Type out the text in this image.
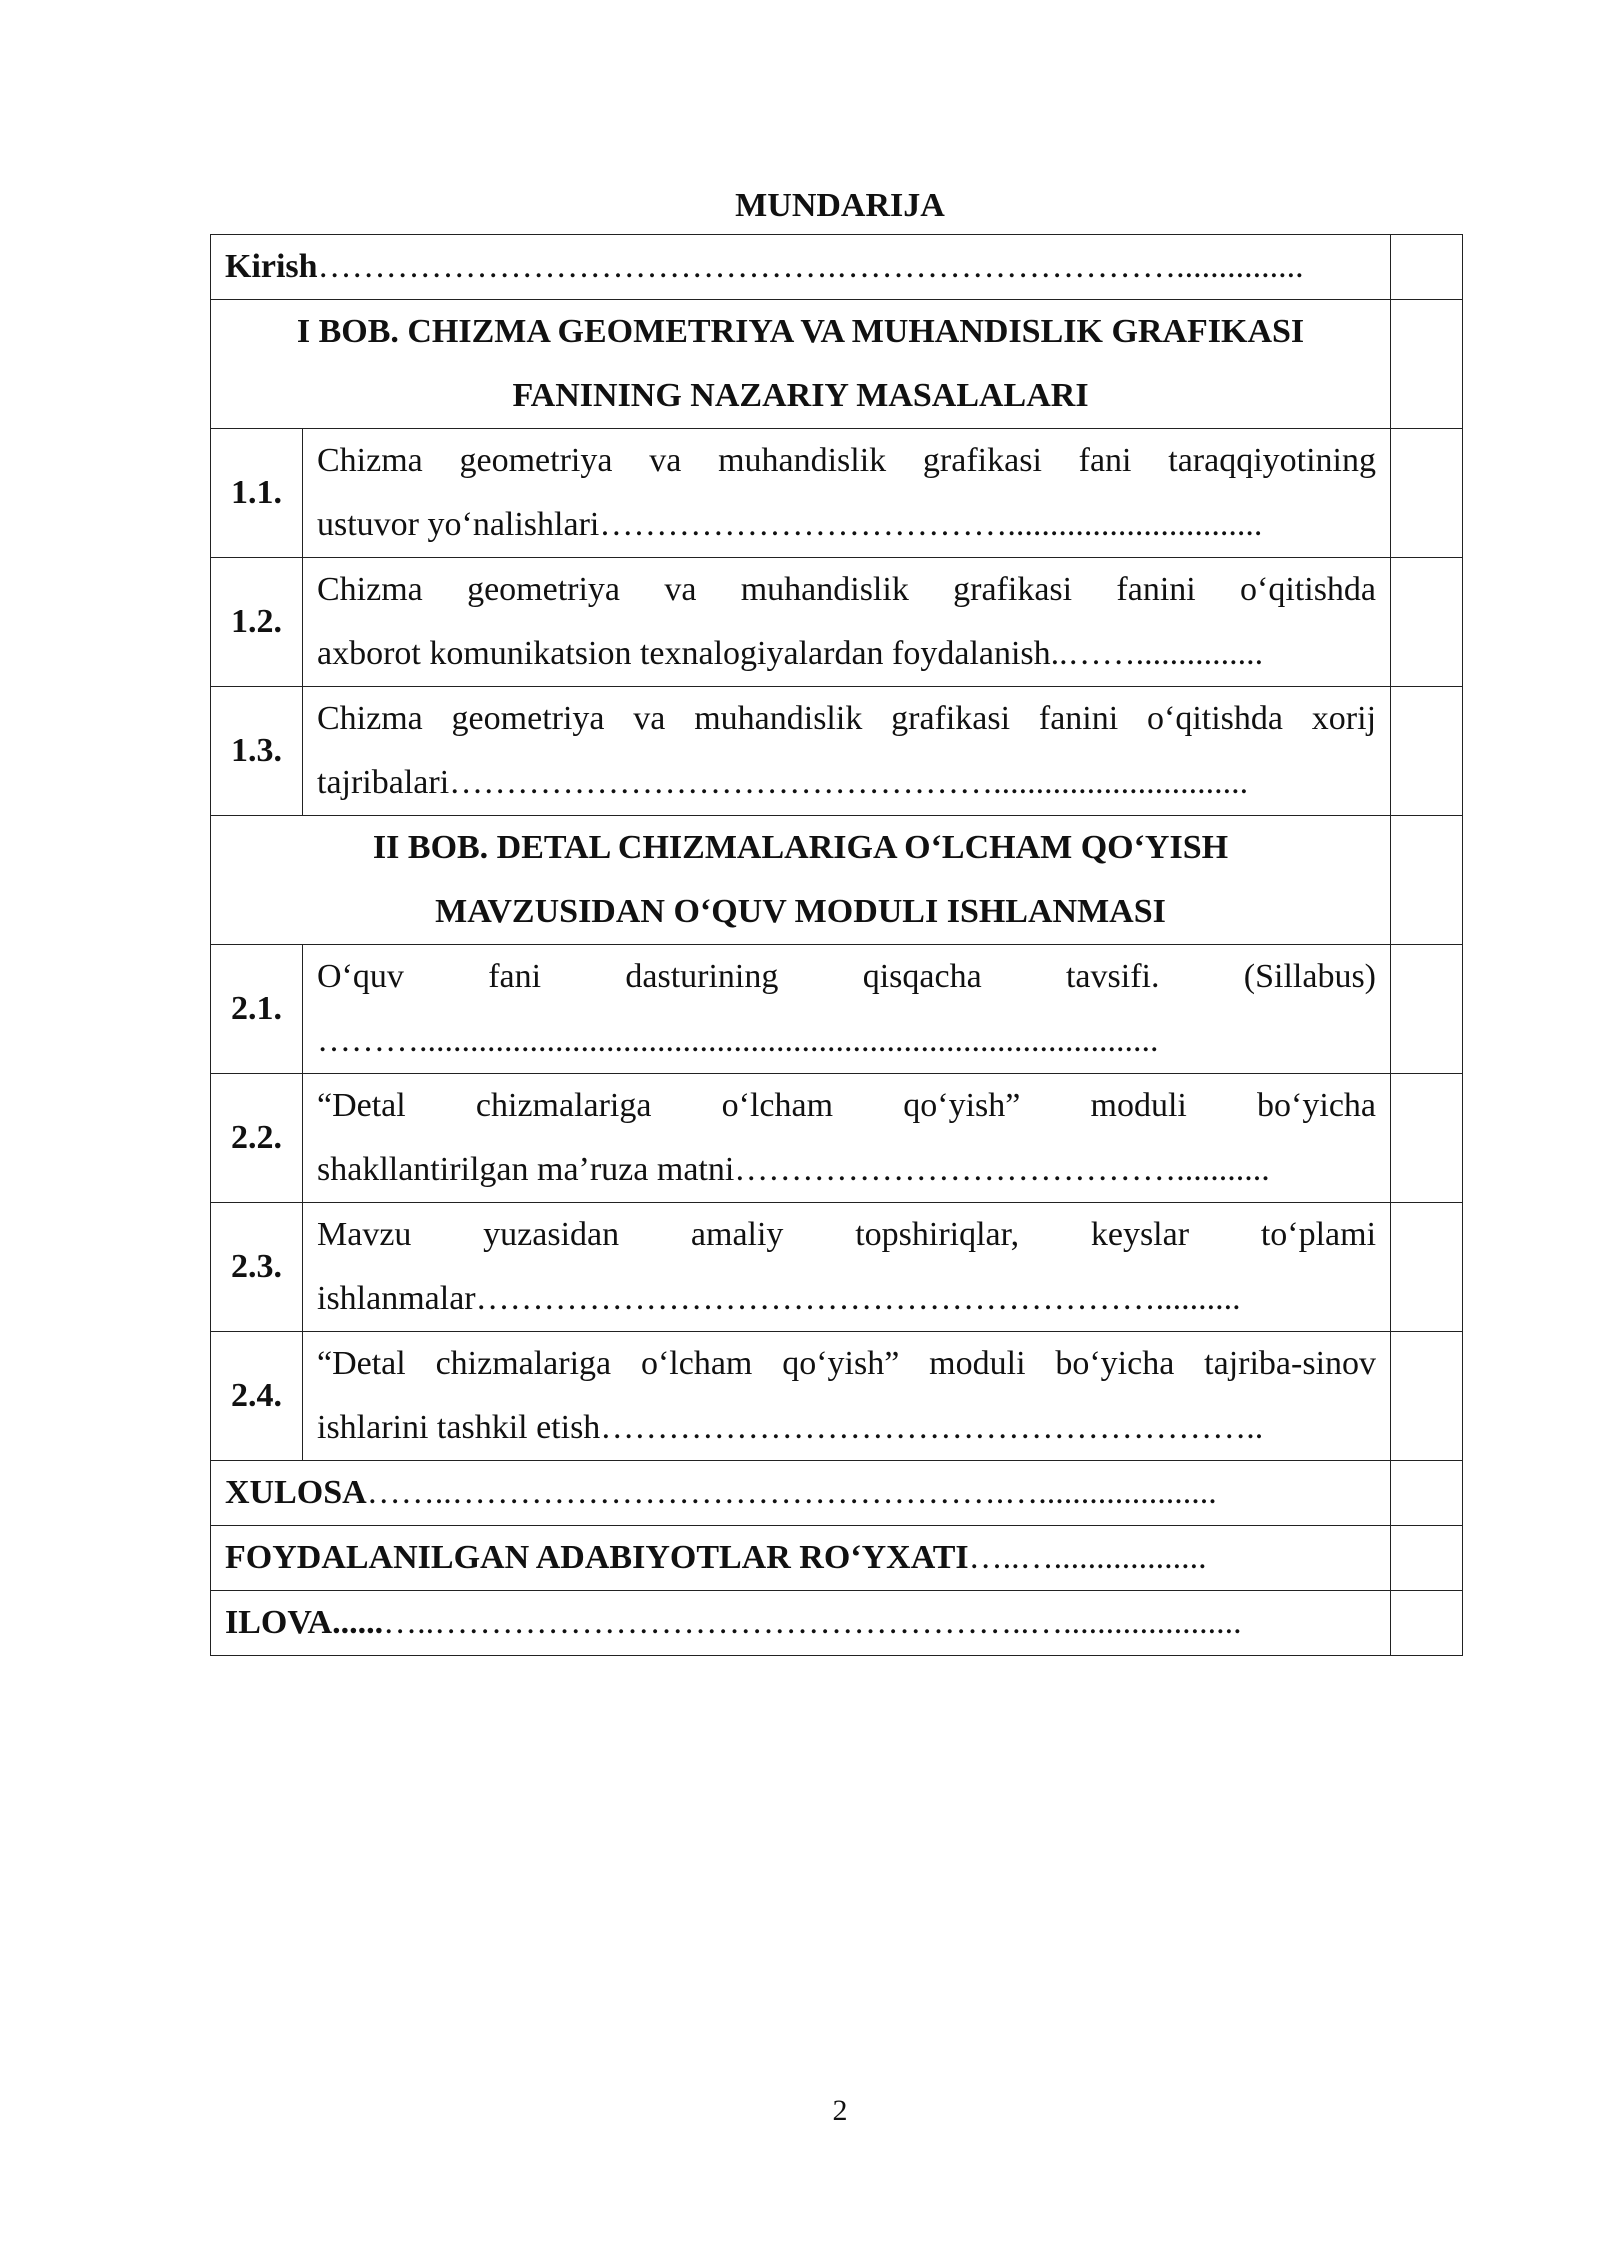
MUNDARIJA
Kirish……………………………………….…………………………...............		

I BOB. CHIZMA GEOMETRIYA VA MUHANDISLIK GRAFIKASI
FANINING NAZARIY MASALALARI		

1.1.	Chizma geometriya va muhandislik grafikasi fani taraqqiyotining
ustuvor yo‘nalishlari………………………………..............................	

1.2.	Chizma geometriya va muhandislik grafikasi fanini o‘qitishda
axborot komunikatsion texnalogiyalardan foydalanish..……...............	

1.3.	Chizma geometriya va muhandislik grafikasi fanini o‘qitishda xorij
tajribalari…………………………………………..............................	

II BOB. DETAL CHIZMALARIGA O‘LCHAM QO‘YISH
MAVZUSIDAN O‘QUV MODULI ISHLANMASI		

2.1.	O‘quv fani dasturining qisqacha tavsifi. (Sillabus)
……….......................................................................................	

2.2.	“Detal chizmalariga o‘lcham qo‘yish” moduli bo‘yicha
shakllantirilgan ma’ruza matni…………………………………...........	

2.3.	Mavzu yuzasidan amaliy topshiriqlar, keyslar to‘plami
ishlanmalar……………………………………………………..........	

2.4.	“Detal chizmalariga o‘lcham qo‘yish” moduli bo‘yicha tajriba-sinov
ishlarini tashkil etish…………………………………………………..	

XULOSA……..………………………………………….….....................		
FOYDALANILGAN ADABIYOTLAR RO‘YXATI…..…..................		
ILOVA......…..……………………………………………..….....................		
2
